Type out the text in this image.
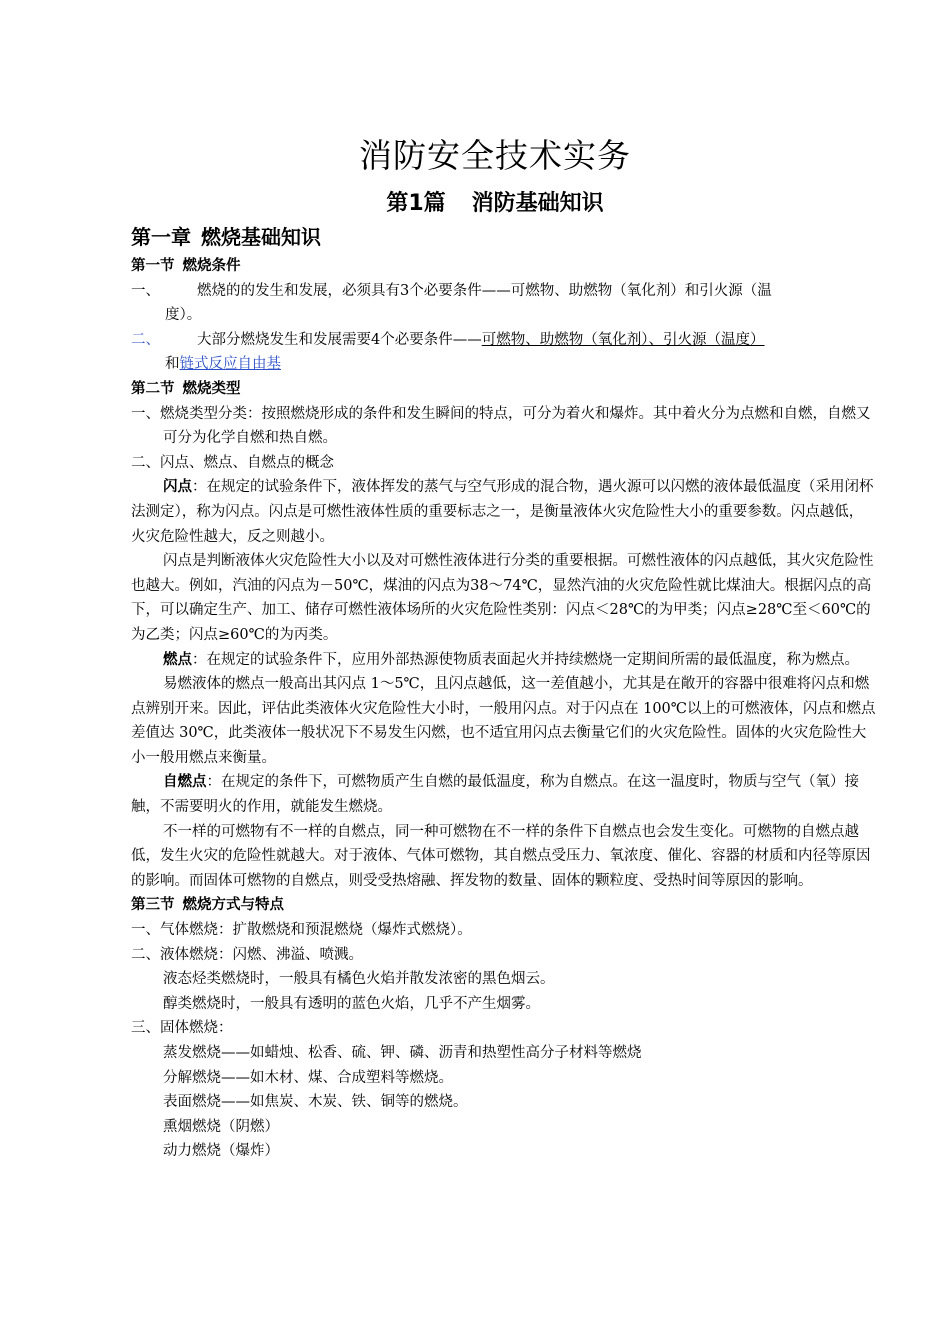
消防安全技术实务
第1篇 消防基础知识
第一章 燃烧基础知识
第一节 燃烧条件
一、	燃烧的的发生和发展，必须具有3个必要条件——可燃物、助燃物（氧化剂）和引火源（温
度）。
二、	大部分燃烧发生和发展需要4个必要条件——可燃物、助燃物（氧化剂）、引火源（温度）
和链式反应自由基
第二节 燃烧类型

一、燃烧类型分类：按照燃烧形成的条件和发生瞬间的特点，可分为着火和爆炸。其中着火分为点燃和自燃，自燃又可分为化学自燃和热自燃。

二、闪点、燃点、自燃点的概念

闪点：在规定的试验条件下，液体挥发的蒸气与空气形成的混合物，遇火源可以闪燃的液体最低温度（采用闭杯法测定），称为闪点。闪点是可燃性液体性质的重要标志之一，是衡量液体火灾危险性大小的重要参数。闪点越低，火灾危险性越大，反之则越小。

闪点是判断液体火灾危险性大小以及对可燃性液体进行分类的重要根据。可燃性液体的闪点越低，其火灾危险性也越大。例如，汽油的闪点为－50℃，煤油的闪点为38～74℃，显然汽油的火灾危险性就比煤油大。根据闪点的高下，可以确定生产、加工、储存可燃性液体场所的火灾危险性类别：闪点＜28℃的为甲类；闪点≥28℃至＜60℃的为乙类；闪点≥60℃的为丙类。

燃点：在规定的试验条件下，应用外部热源使物质表面起火并持续燃烧一定期间所需的最低温度，称为燃点。

易燃液体的燃点一般高出其闪点 1～5℃，且闪点越低，这一差值越小，尤其是在敞开的容器中很难将闪点和燃点辨别开来。因此，评估此类液体火灾危险性大小时，一般用闪点。对于闪点在 100℃以上的可燃液体，闪点和燃点差值达 30℃，此类液体一般状况下不易发生闪燃，也不适宜用闪点去衡量它们的火灾危险性。固体的火灾危险性大小一般用燃点来衡量。

自燃点：在规定的条件下，可燃物质产生自燃的最低温度，称为自燃点。在这一温度时，物质与空气（氧）接触，不需要明火的作用，就能发生燃烧。

不一样的可燃物有不一样的自燃点，同一种可燃物在不一样的条件下自燃点也会发生变化。可燃物的自燃点越低，发生火灾的危险性就越大。对于液体、气体可燃物，其自燃点受压力、氧浓度、催化、容器的材质和内径等原因的影响。而固体可燃物的自燃点，则受受热熔融、挥发物的数量、固体的颗粒度、受热时间等原因的影响。

第三节 燃烧方式与特点

一、气体燃烧：扩散燃烧和预混燃烧（爆炸式燃烧）。

二、液体燃烧：闪燃、沸溢、喷溅。

液态烃类燃烧时，一般具有橘色火焰并散发浓密的黑色烟云。

醇类燃烧时，一般具有透明的蓝色火焰，几乎不产生烟雾。

三、固体燃烧：

蒸发燃烧——如蜡烛、松香、硫、钾、磷、沥青和热塑性高分子材料等燃烧

分解燃烧——如木材、煤、合成塑料等燃烧。

表面燃烧——如焦炭、木炭、铁、铜等的燃烧。

熏烟燃烧（阴燃）

动力燃烧（爆炸）
